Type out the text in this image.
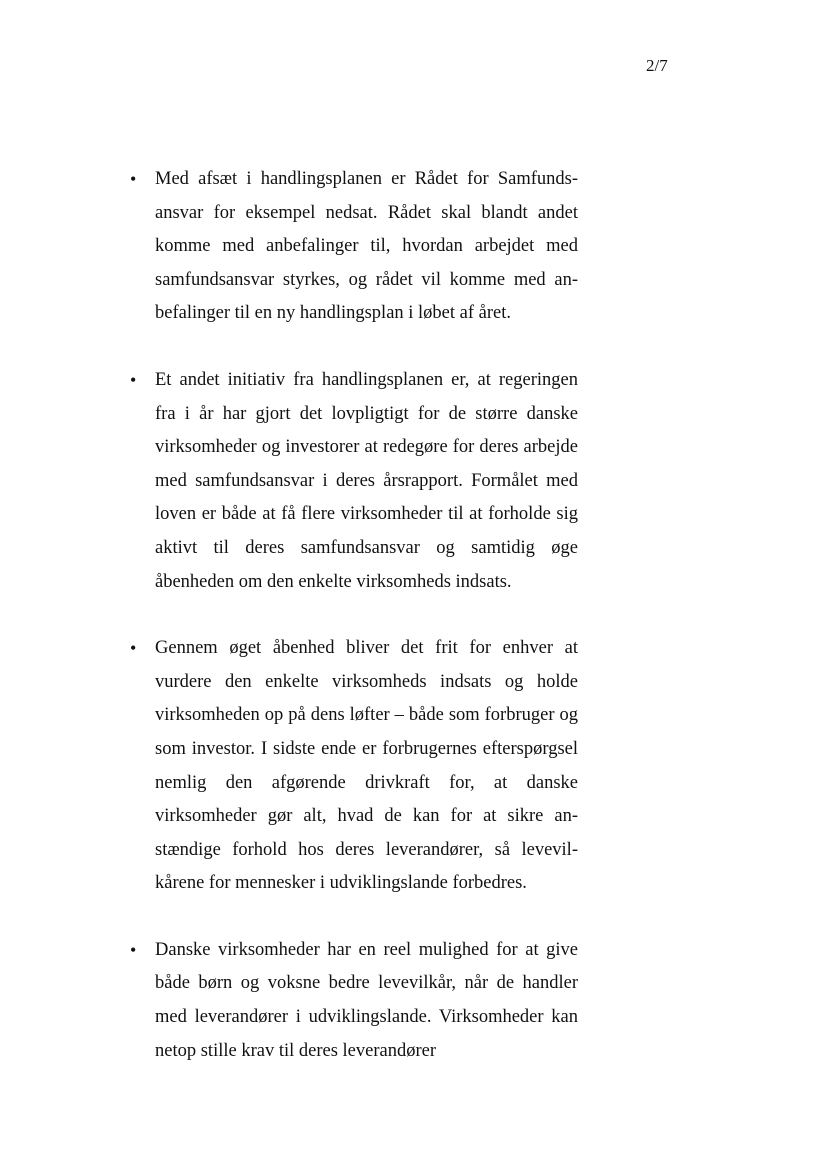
2/7
• Med afsæt i handlingsplanen er Rådet for Samfundsansvar for eksempel nedsat. Rådet skal blandt andet komme med anbefalinger til, hvordan arbejdet med samfundsansvar styrkes, og rådet vil komme med anbefalinger til en ny handlingsplan i løbet af året.
• Et andet initiativ fra handlingsplanen er, at regeringen fra i år har gjort det lovpligtigt for de større danske virksomheder og investorer at redegøre for deres arbejde med samfundsansvar i deres årsrapport. Formålet med loven er både at få flere virksomheder til at forholde sig aktivt til deres samfundsansvar og samtidig øge åbenheden om den enkelte virksomheds indsats.
• Gennem øget åbenhed bliver det frit for enhver at vurdere den enkelte virksomheds indsats og holde virksomheden op på dens løfter – både som forbruger og som investor. I sidste ende er forbrugernes efterspørgsel nemlig den afgørende drivkraft for, at danske virksomheder gør alt, hvad de kan for at sikre anstændige forhold hos deres leverandører, så levevilkårene for mennesker i udviklingslande forbedres.
• Danske virksomheder har en reel mulighed for at give både børn og voksne bedre levevilkår, når de handler med leverandører i udviklingslande. Virksomheder kan netop stille krav til deres leverandører
